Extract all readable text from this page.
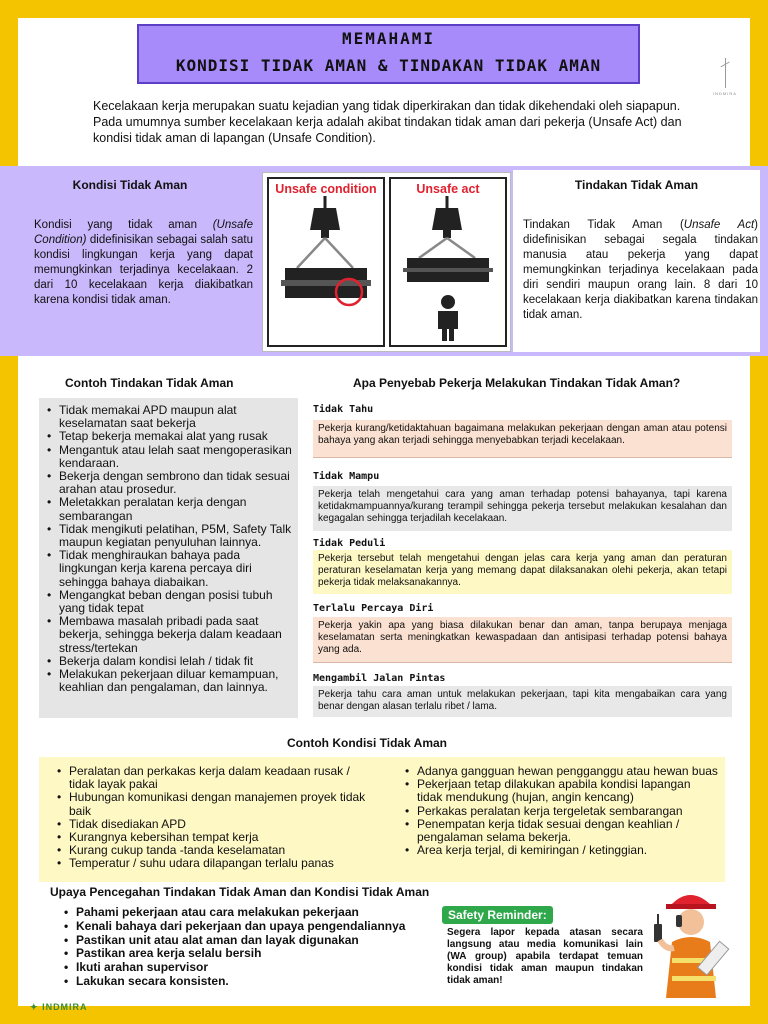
MEMAHAMI
KONDISI TIDAK AMAN & TINDAKAN TIDAK AMAN
INDMIRA
Kecelakaan kerja merupakan suatu kejadian yang tidak diperkirakan dan tidak dikehendaki oleh siapapun. Pada umumnya sumber kecelakaan kerja adalah akibat tindakan tidak aman dari pekerja (Unsafe Act) dan kondisi tidak aman di lapangan (Unsafe Condition).
Kondisi Tidak Aman
Kondisi yang tidak aman (Unsafe Condition) didefinisikan sebagai salah satu kondisi lingkungan kerja yang dapat memungkinkan terjadinya kecelakaan. 2 dari 10 kecelakaan kerja diakibatkan karena kondisi tidak aman.
Tindakan Tidak Aman
Tindakan Tidak Aman (Unsafe Act) didefinisikan sebagai segala tindakan manusia atau pekerja yang dapat memungkinkan terjadinya kecelakaan pada diri sendiri maupun orang lain. 8 dari 10 kecelakaan kerja diakibatkan karena tindakan tidak aman.
Unsafe condition	Unsafe act
Contoh Tindakan Tidak Aman
• Tidak memakai APD maupun alat keselamatan saat bekerja
• Tetap bekerja memakai alat yang rusak
• Mengantuk atau lelah saat mengoperasikan kendaraan.
• Bekerja dengan sembrono dan tidak sesuai arahan atau prosedur.
• Meletakkan peralatan kerja dengan sembarangan
• Tidak mengikuti pelatihan, P5M, Safety Talk maupun kegiatan penyuluhan lainnya.
• Tidak menghiraukan bahaya pada lingkungan kerja karena percaya diri sehingga bahaya diabaikan.
• Mengangkat beban dengan posisi tubuh yang tidak tepat
• Membawa masalah pribadi pada saat bekerja, sehingga bekerja dalam keadaan stress/tertekan
• Bekerja dalam kondisi lelah / tidak fit
• Melakukan pekerjaan diluar kemampuan, keahlian dan pengalaman, dan lainnya.
Apa Penyebab Pekerja Melakukan Tindakan Tidak Aman?
Tidak Tahu
Pekerja kurang/ketidaktahuan bagaimana melakukan pekerjaan dengan aman atau potensi bahaya yang akan terjadi sehingga menyebabkan terjadi kecelakaan.
Tidak Mampu
Pekerja telah mengetahui cara yang aman terhadap potensi bahayanya, tapi karena ketidakmampuannya/kurang terampil sehingga pekerja tersebut melakukan kesalahan dan kegagalan sehingga terjadilah kecelakaan.
Tidak Peduli
Pekerja tersebut telah mengetahui dengan jelas cara kerja yang aman dan peraturan peraturan keselamatan kerja yang memang dapat dilaksanakan olehi pekerja, akan tetapi pekerja tidak melaksanakannya.
Terlalu Percaya Diri
Pekerja yakin apa yang biasa dilakukan benar dan aman, tanpa berupaya menjaga keselamatan serta meningkatkan kewaspadaan dan antisipasi terhadap potensi bahaya yang ada.
Mengambil Jalan Pintas
Pekerja tahu cara aman untuk melakukan pekerjaan, tapi kita mengabaikan cara yang benar dengan alasan terlalu ribet / lama.
Contoh Kondisi Tidak Aman
• Peralatan dan perkakas kerja dalam keadaan rusak / tidak layak pakai
• Hubungan komunikasi dengan manajemen proyek tidak baik
• Tidak disediakan APD
• Kurangnya kebersihan tempat kerja
• Kurang cukup tanda -tanda keselamatan
• Temperatur / suhu udara dilapangan terlalu panas
• Adanya gangguan hewan pengganggu atau hewan buas
• Pekerjaan tetap dilakukan apabila kondisi lapangan tidak mendukung (hujan, angin kencang)
• Perkakas peralatan kerja tergeletak sembarangan
• Penempatan kerja tidak sesuai dengan keahlian / pengalaman selama bekerja.
• Area kerja terjal, di kemiringan / ketinggian.
Upaya Pencegahan Tindakan Tidak Aman dan Kondisi Tidak Aman
• Pahami pekerjaan atau cara melakukan pekerjaan
• Kenali bahaya dari pekerjaan dan upaya pengendaliannya
• Pastikan unit atau alat aman dan layak digunakan
• Pastikan area kerja selalu bersih
• Ikuti arahan supervisor
• Lakukan secara konsisten.
Safety Reminder:
Segera lapor kepada atasan secara langsung atau media komunikasi lain (WA group) apabila terdapat temuan kondisi tidak aman maupun tindakan tidak aman!
✦ INDMIRA
